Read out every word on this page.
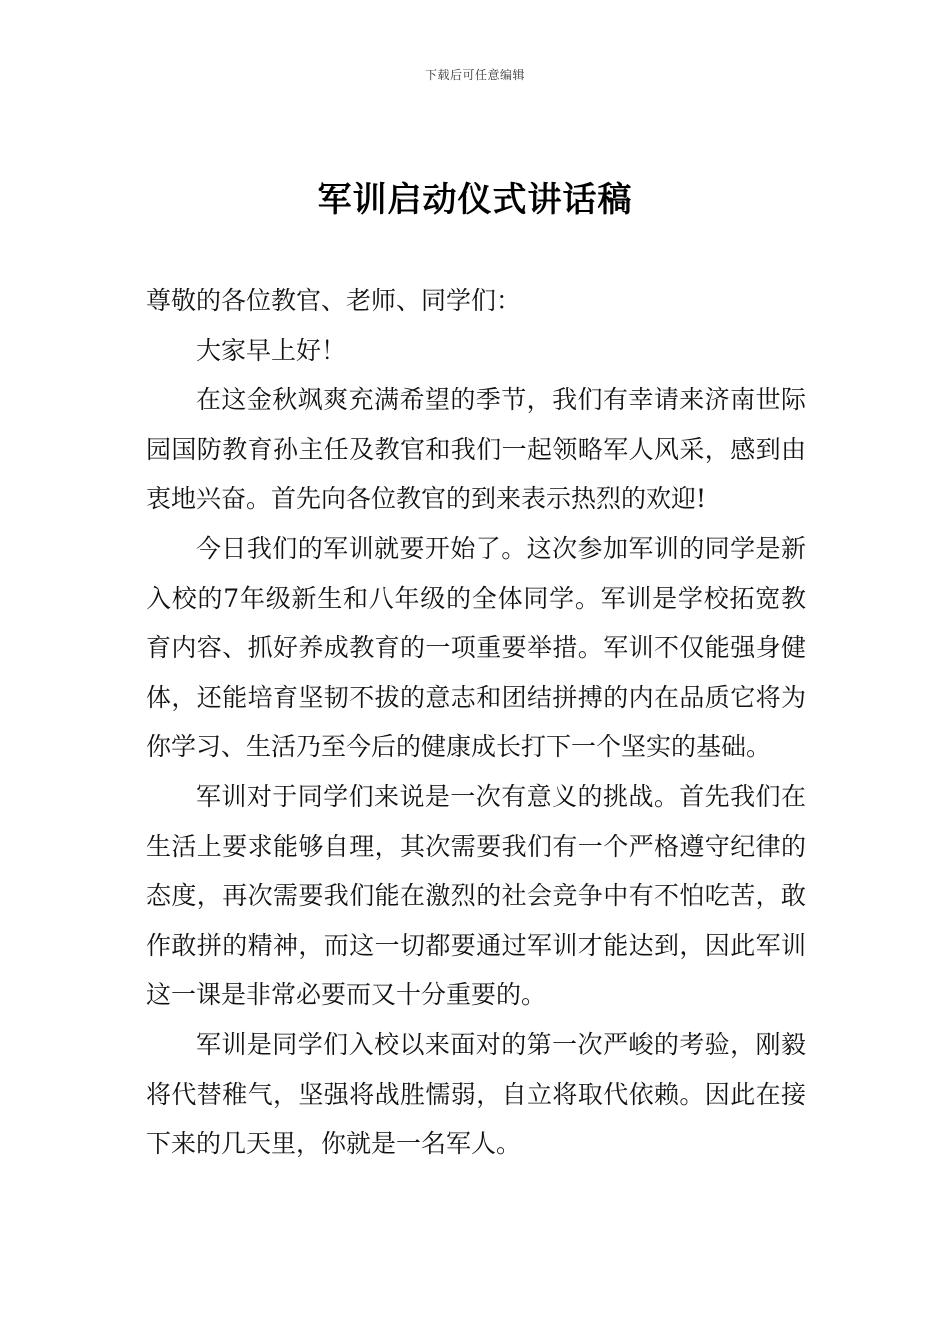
下载后可任意编辑
军训启动仪式讲话稿

尊敬的各位教官、老师、同学们：

大家早上好！

在这金秋飒爽充满希望的季节，我们有幸请来济南世际园国防教育孙主任及教官和我们一起领略军人风采，感到由衷地兴奋。首先向各位教官的到来表示热烈的欢迎!

今日我们的军训就要开始了。这次参加军训的同学是新入校的7年级新生和八年级的全体同学。军训是学校拓宽教育内容、抓好养成教育的一项重要举措。军训不仅能强身健体，还能培育坚韧不拔的意志和团结拼搏的内在品质它将为你学习、生活乃至今后的健康成长打下一个坚实的基础。

军训对于同学们来说是一次有意义的挑战。首先我们在生活上要求能够自理，其次需要我们有一个严格遵守纪律的态度，再次需要我们能在激烈的社会竞争中有不怕吃苦，敢作敢拼的精神，而这一切都要通过军训才能达到，因此军训这一课是非常必要而又十分重要的。

军训是同学们入校以来面对的第一次严峻的考验，刚毅将代替稚气，坚强将战胜懦弱，自立将取代依赖。因此在接下来的几天里，你就是一名军人。
